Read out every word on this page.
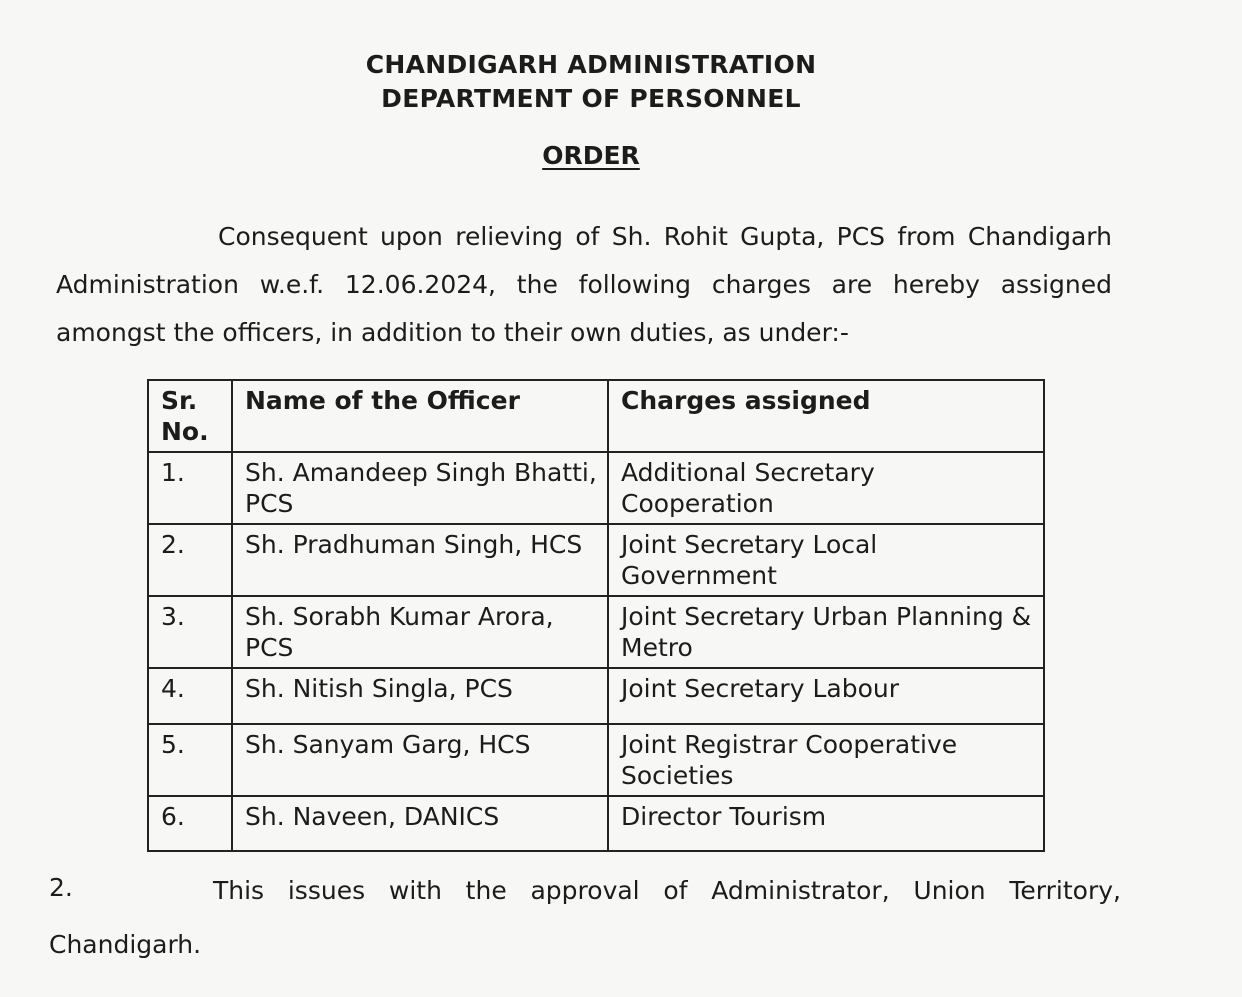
CHANDIGARH ADMINISTRATION
DEPARTMENT OF PERSONNEL
ORDER

Consequent upon relieving of Sh. Rohit Gupta, PCS from Chandigarh Administration w.e.f. 12.06.2024, the following charges are hereby assigned amongst the officers, in addition to their own duties, as under:-

Sr. No.	Name of the Officer	Charges assigned
1.	Sh. Amandeep Singh Bhatti, PCS	Additional Secretary Cooperation
2.	Sh. Pradhuman Singh, HCS	Joint Secretary Local Government
3.	Sh. Sorabh Kumar Arora, PCS	Joint Secretary Urban Planning & Metro
4.	Sh. Nitish Singla, PCS	Joint Secretary Labour
5.	Sh. Sanyam Garg, HCS	Joint Registrar Cooperative Societies
6.	Sh. Naveen, DANICS	Director Tourism
2.	This issues with the approval of Administrator, Union Territory, Chandigarh.
